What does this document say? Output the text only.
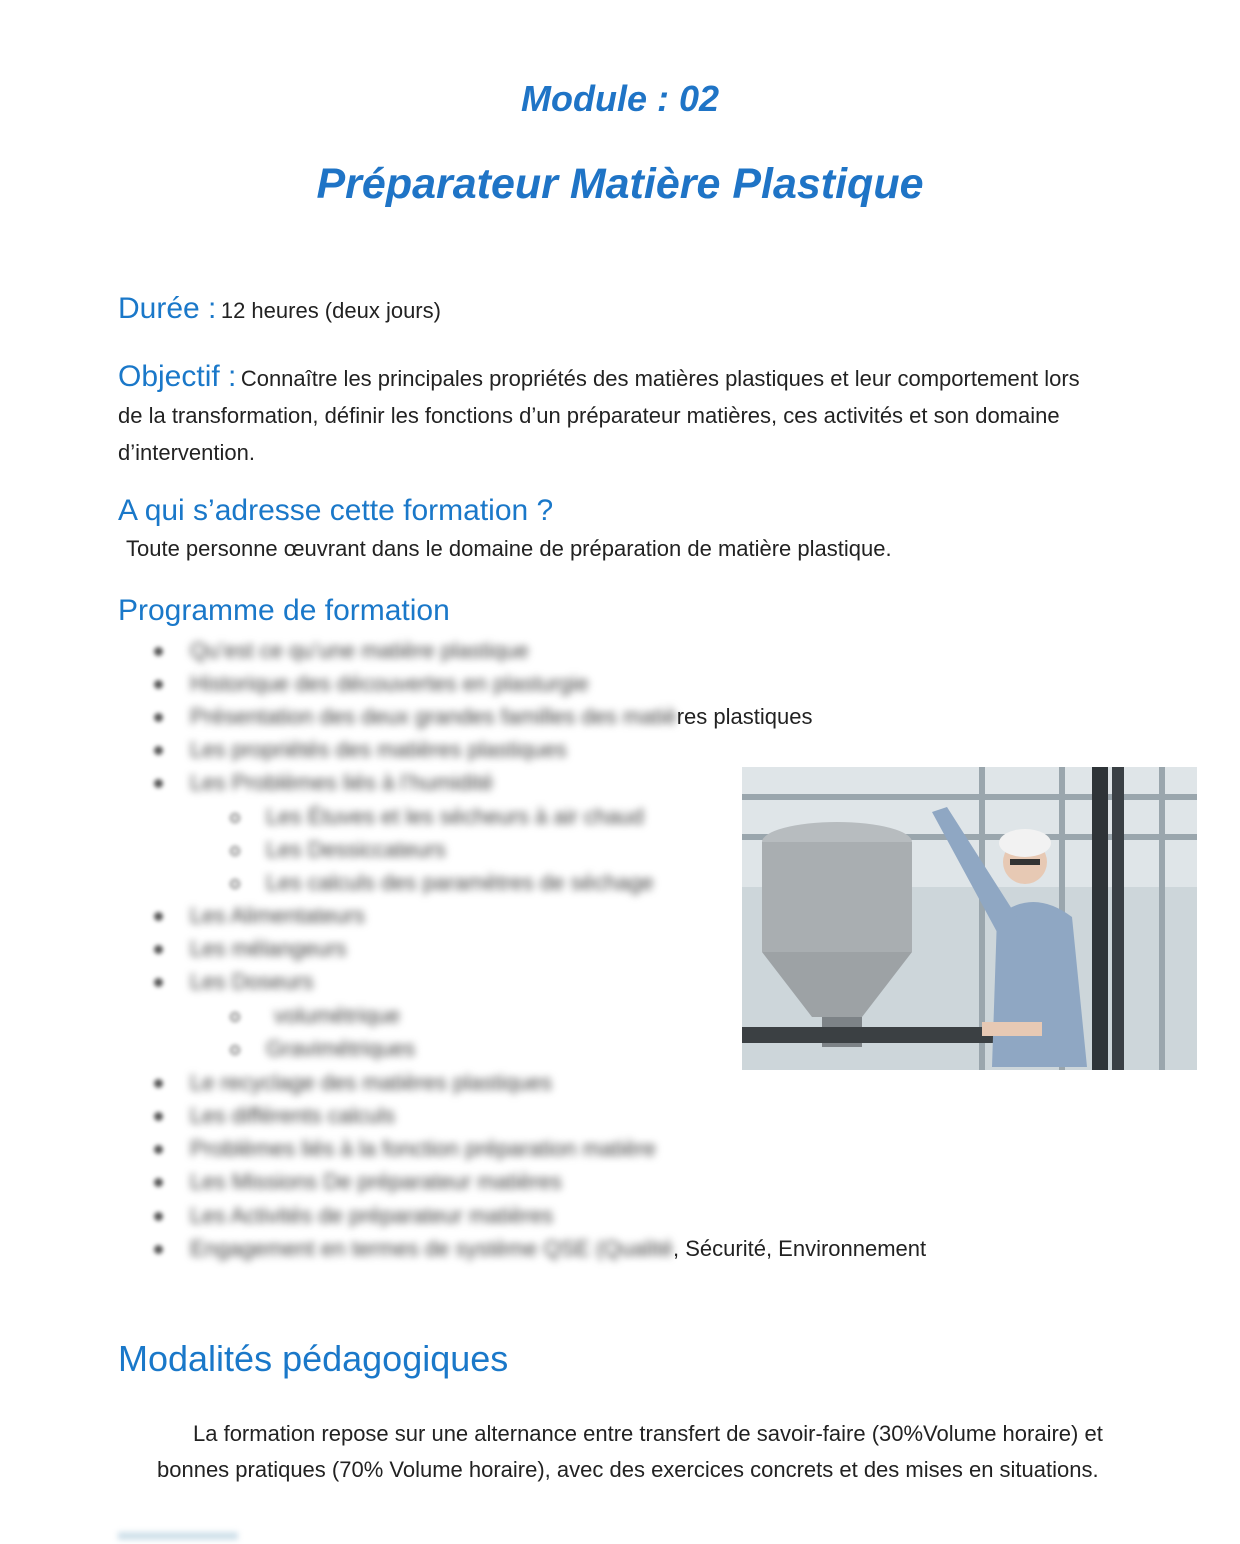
Module : 02
Préparateur Matière Plastique
Durée : 12 heures (deux jours)
Objectif : Connaître les principales propriétés des matières plastiques et leur comportement lors de la transformation, définir les fonctions d’un préparateur matières, ces activités et son domaine d’intervention.
A qui s’adresse cette formation ?
Toute personne œuvrant dans le domaine de préparation de matière plastique.
Programme de formation
Qu’est ce qu’une matière plastique
Historique des découvertes en plasturgie
Présentation des deux grandes familles des matières plastiques
Les propriétés des matières plastiques
Les Problèmes liés à l’humidité
Les Étuves et les sécheurs à air chaud
Les Dessiccateurs
Les calculs des paramètres de séchage
Les Alimentateurs
Les mélangeurs
Les Doseurs
volumétrique
Gravimétriques
Le recyclage des matières plastiques
Les différents calculs
Problèmes liés à la fonction préparation matière
Les Missions De préparateur matières
Les Activités de préparateur matières
Engagement en termes de système QSE (Qualité, Sécurité, Environnement
Modalités pédagogiques
La formation repose sur une alternance entre transfert de savoir-faire (30%Volume horaire) et bonnes pratiques (70% Volume horaire), avec des exercices concrets et des mises en situations.
